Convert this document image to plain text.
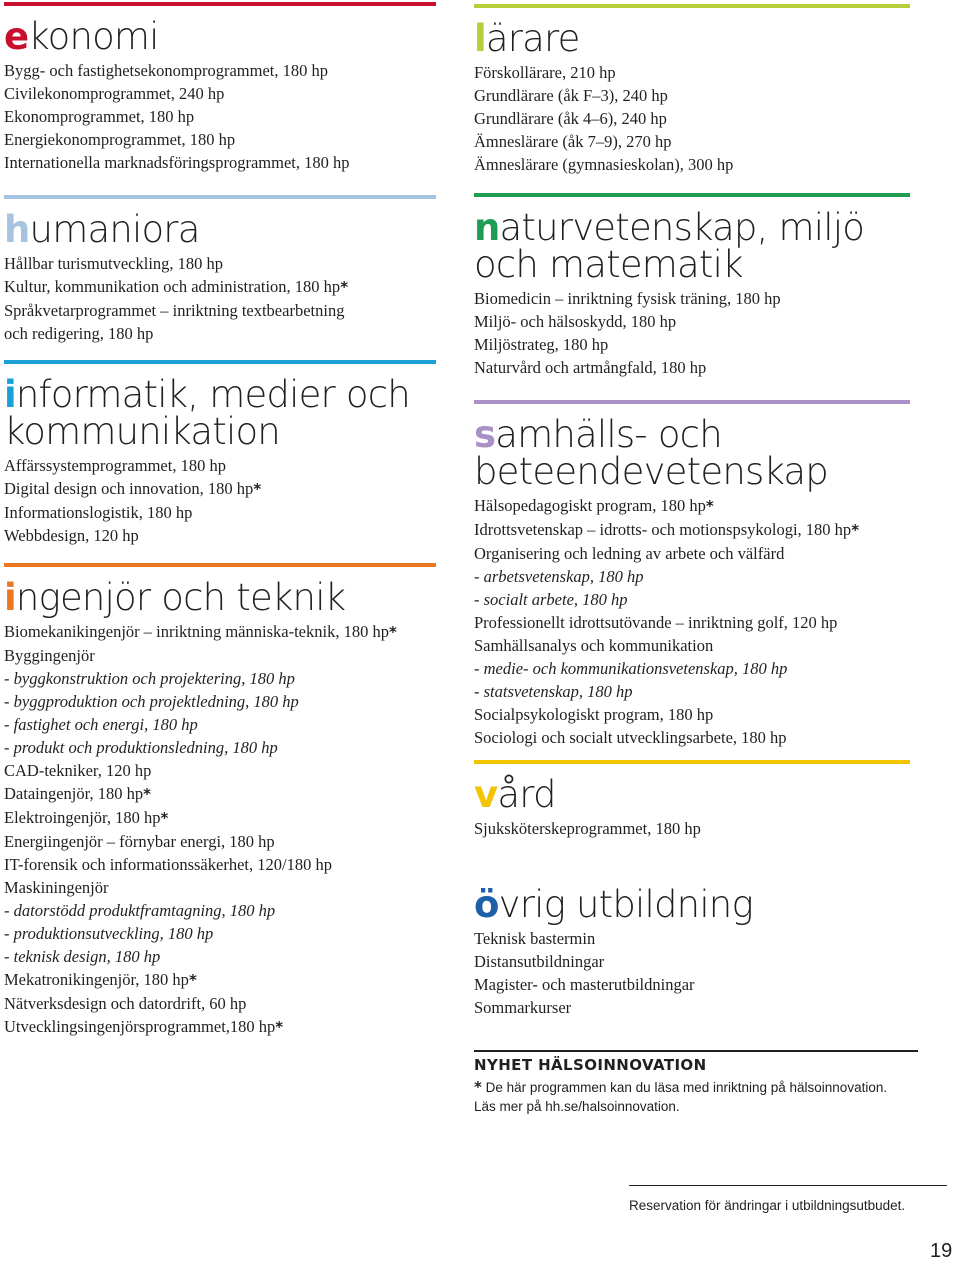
ekonomi
Bygg- och fastighetsekonomprogrammet, 180 hp
Civilekonomprogrammet, 240 hp
Ekonomprogrammet, 180 hp
Energiekonomprogrammet, 180 hp
Internationella marknadsföringsprogrammet, 180 hp
humaniora
Hållbar turismutveckling, 180 hp
Kultur, kommunikation och administration, 180 hp*
Språkvetarprogrammet – inriktning textbearbetning
och redigering, 180 hp
informatik, medier och kommunikation
Affärssystemprogrammet, 180 hp
Digital design och innovation, 180 hp*
Informationslogistik, 180 hp
Webbdesign, 120 hp
ingenjör och teknik
Biomekanikingenjör – inriktning människa-teknik, 180 hp*
Byggingenjör
- byggkonstruktion och projektering, 180 hp
- byggproduktion och projektledning, 180 hp
- fastighet och energi, 180 hp
- produkt och produktionsledning, 180 hp
CAD-tekniker, 120 hp
Dataingenjör, 180 hp*
Elektroingenjör, 180 hp*
Energiingenjör – förnybar energi, 180 hp
IT-forensik och informationssäkerhet, 120/180 hp
Maskiningenjör
- datorstödd produktframtagning, 180 hp
- produktionsutveckling, 180 hp
- teknisk design, 180 hp
Mekatronikingenjör, 180 hp*
Nätverksdesign och datordrift, 60 hp
Utvecklingsingenjörsprogrammet,180 hp*
lärare
Förskollärare, 210 hp
Grundlärare (åk F–3), 240 hp
Grundlärare (åk 4–6), 240 hp
Ämneslärare (åk 7–9), 270 hp
Ämneslärare (gymnasieskolan), 300 hp
naturvetenskap, miljö och matematik
Biomedicin – inriktning fysisk träning, 180 hp
Miljö- och hälsoskydd, 180 hp
Miljöstrateg, 180 hp
Naturvård och artmångfald, 180 hp
samhälls- och beteendevetenskap
Hälsopedagogiskt program, 180 hp*
Idrottsvetenskap – idrotts- och motionspsykologi, 180 hp*
Organisering och ledning av arbete och välfärd
- arbetsvetenskap, 180 hp
- socialt arbete, 180 hp
Professionellt idrottsutövande – inriktning golf, 120 hp
Samhällsanalys och kommunikation
- medie- och kommunikationsvetenskap, 180 hp
- statsvetenskap, 180 hp
Socialpsykologiskt program, 180 hp
Sociologi och socialt utvecklingsarbete, 180 hp
vård
Sjuksköterskeprogrammet, 180 hp
övrig utbildning
Teknisk bastermin
Distansutbildningar
Magister- och masterutbildningar
Sommarkurser
NYHET HÄLSOINNOVATION
* De här programmen kan du läsa med inriktning på hälsoinnovation.
Läs mer på hh.se/halsoinnovation.
Reservation för ändringar i utbildningsutbudet.
19
